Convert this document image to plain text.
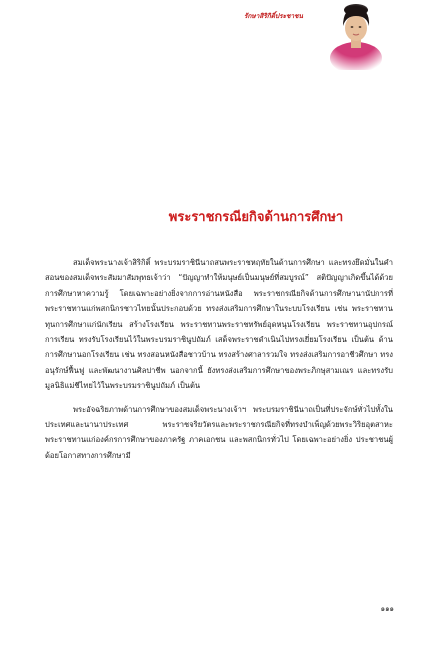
รักษาสิริกิติ์ประชาชน
พระราชกรณียกิจด้านการศึกษา

สมเด็จพระนางเจ้าสิริกิติ์ พระบรมราชินีนาถสนพระราชหฤทัยในด้านการศึกษา และทรงยึดมั่นในคำสอนของสมเด็จพระสัมมาสัมพุทธเจ้าว่า “ปัญญาทำให้มนุษย์เป็นมนุษย์ที่สมบูรณ์” สติปัญญาเกิดขึ้นได้ด้วยการศึกษาหาความรู้ โดยเฉพาะอย่างยิ่งจากการอ่านหนังสือ พระราชกรณียกิจด้านการศึกษานานัปการที่พระราชทานแก่พสกนิกรชาวไทยนั้นประกอบด้วย ทรงส่งเสริมการศึกษาในระบบโรงเรียน เช่น พระราชทานทุนการศึกษาแก่นักเรียน สร้างโรงเรียน พระราชทานพระราชทรัพย์อุดหนุนโรงเรียน พระราชทานอุปกรณ์การเรียน ทรงรับโรงเรียนไว้ในพระบรมราชินูปถัมภ์ เสด็จพระราชดำเนินไปทรงเยี่ยมโรงเรียน เป็นต้น ด้านการศึกษานอกโรงเรียน เช่น ทรงสอนหนังสือชาวบ้าน ทรงสร้างศาลารวมใจ ทรงส่งเสริมการอาชีวศึกษา ทรงอนุรักษ์ฟื้นฟู และพัฒนางานศิลปาชีพ นอกจากนี้ ยังทรงส่งเสริมการศึกษาของพระภิกษุสามเณร และทรงรับมูลนิธิแม่ชีไทยไว้ในพระบรมราชินูปถัมภ์ เป็นต้น

พระอัจฉริยภาพด้านการศึกษาของสมเด็จพระนางเจ้าฯ พระบรมราชินีนาถเป็นที่ประจักษ์ทั่วไปทั้งในประเทศและนานาประเทศ พระราชจริยวัตรและพระราชกรณียกิจที่ทรงบำเพ็ญด้วยพระวิริยอุตสาหะ พระราชทานแก่องค์กรการศึกษาของภาครัฐ ภาคเอกชน และพสกนิกรทั่วไป โดยเฉพาะอย่างยิ่ง ประชาชนผู้ด้อยโอกาสทางการศึกษามี

๑๑๑
